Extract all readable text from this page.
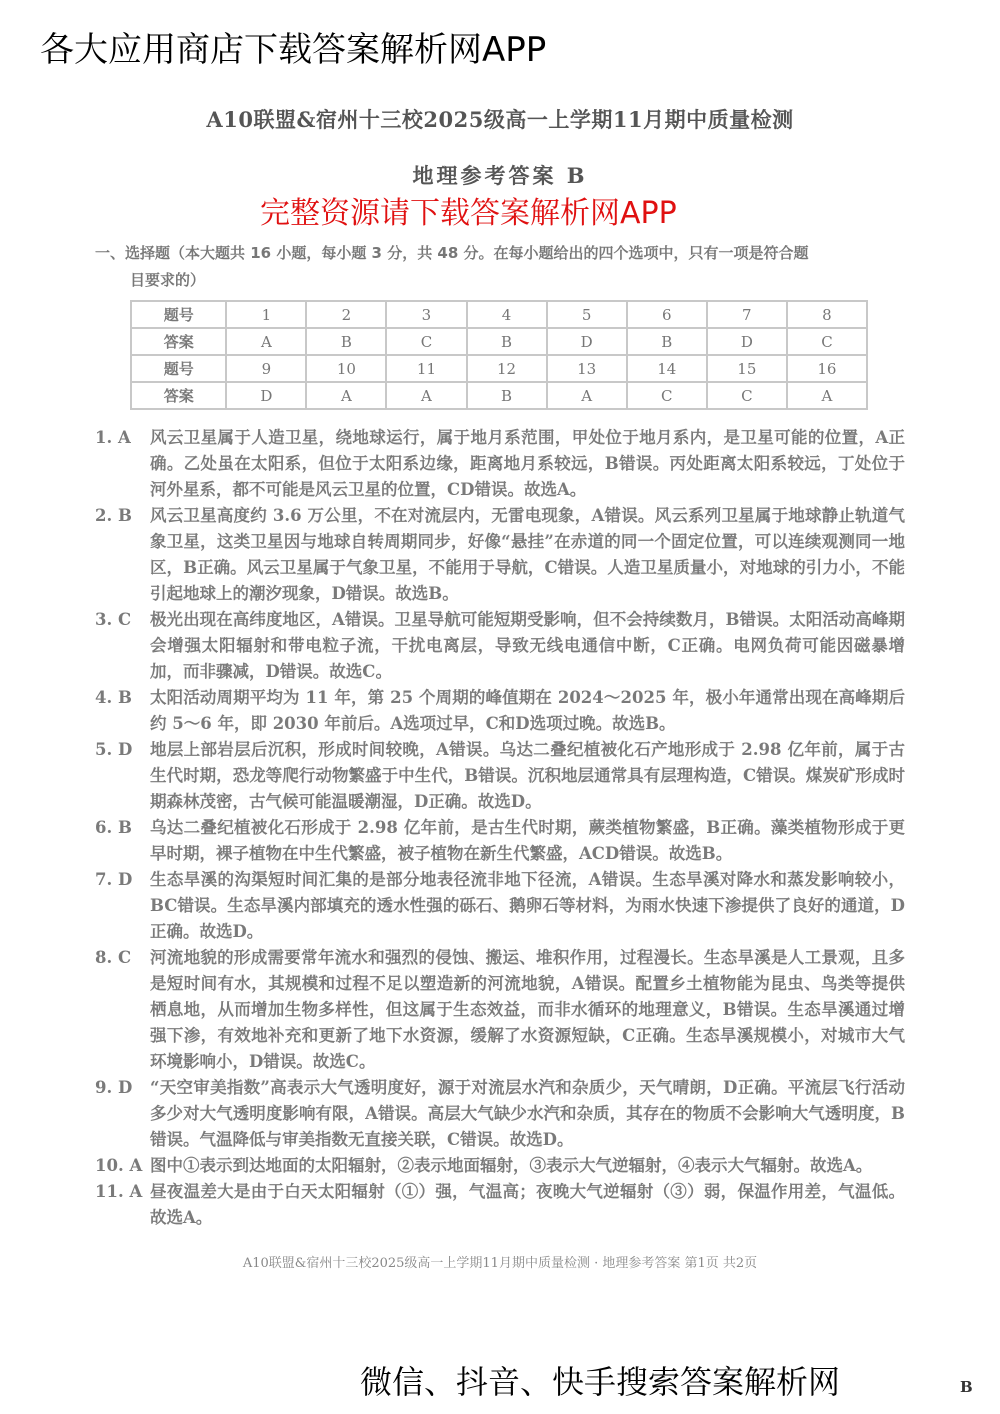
各大应用商店下载答案解析网APP
A10联盟&宿州十三校2025级高一上学期11月期中质量检测
地理参考答案 B
完整资源请下载答案解析网APP
一、选择题（本大题共 16 小题，每小题 3 分，共 48 分。在每小题给出的四个选项中，只有一项是符合题
目要求的）
题号	1	2	3	4	5	6	7	8
答案	A	B	C	B	D	B	D	C
题号	9	10	11	12	13	14	15	16
答案	D	A	A	B	A	C	C	A
1. A	风云卫星属于人造卫星，绕地球运行，属于地月系范围，甲处位于地月系内，是卫星可能的位置，A正确。乙处虽在太阳系，但位于太阳系边缘，距离地月系较远，B错误。丙处距离太阳系较远，丁处位于河外星系，都不可能是风云卫星的位置，CD错误。故选A。
2. B	风云卫星高度约 3.6 万公里，不在对流层内，无雷电现象，A错误。风云系列卫星属于地球静止轨道气象卫星，这类卫星因与地球自转周期同步，好像“悬挂”在赤道的同一个固定位置，可以连续观测同一地区，B正确。风云卫星属于气象卫星，不能用于导航，C错误。人造卫星质量小，对地球的引力小，不能引起地球上的潮汐现象，D错误。故选B。
3. C	极光出现在高纬度地区，A错误。卫星导航可能短期受影响，但不会持续数月，B错误。太阳活动高峰期会增强太阳辐射和带电粒子流，干扰电离层，导致无线电通信中断，C正确。电网负荷可能因磁暴增加，而非骤减，D错误。故选C。
4. B	太阳活动周期平均为 11 年，第 25 个周期的峰值期在 2024～2025 年，极小年通常出现在高峰期后约 5～6 年，即 2030 年前后。A选项过早，C和D选项过晚。故选B。
5. D	地层上部岩层后沉积，形成时间较晚，A错误。乌达二叠纪植被化石产地形成于 2.98 亿年前，属于古生代时期，恐龙等爬行动物繁盛于中生代，B错误。沉积地层通常具有层理构造，C错误。煤炭矿形成时期森林茂密，古气候可能温暖潮湿，D正确。故选D。
6. B	乌达二叠纪植被化石形成于 2.98 亿年前，是古生代时期，蕨类植物繁盛，B正确。藻类植物形成于更早时期，裸子植物在中生代繁盛，被子植物在新生代繁盛，ACD错误。故选B。
7. D	生态旱溪的沟渠短时间汇集的是部分地表径流非地下径流，A错误。生态旱溪对降水和蒸发影响较小，BC错误。生态旱溪内部填充的透水性强的砾石、鹅卵石等材料，为雨水快速下渗提供了良好的通道，D正确。故选D。
8. C	河流地貌的形成需要常年流水和强烈的侵蚀、搬运、堆积作用，过程漫长。生态旱溪是人工景观，且多是短时间有水，其规模和过程不足以塑造新的河流地貌，A错误。配置乡土植物能为昆虫、鸟类等提供栖息地，从而增加生物多样性，但这属于生态效益，而非水循环的地理意义，B错误。生态旱溪通过增强下渗，有效地补充和更新了地下水资源，缓解了水资源短缺，C正确。生态旱溪规模小，对城市大气环境影响小，D错误。故选C。
9. D	“天空审美指数”高表示大气透明度好，源于对流层水汽和杂质少，天气晴朗，D正确。平流层飞行活动多少对大气透明度影响有限，A错误。高层大气缺少水汽和杂质，其存在的物质不会影响大气透明度，B错误。气温降低与审美指数无直接关联，C错误。故选D。
10. A 图中①表示到达地面的太阳辐射，②表示地面辐射，③表示大气逆辐射，④表示大气辐射。故选A。
11. A 昼夜温差大是由于白天太阳辐射（①）强，气温高；夜晚大气逆辐射（③）弱，保温作用差，气温低。故选A。
A10联盟&宿州十三校2025级高一上学期11月期中质量检测 · 地理参考答案 第1页 共2页
微信、抖音、快手搜索答案解析网	B
